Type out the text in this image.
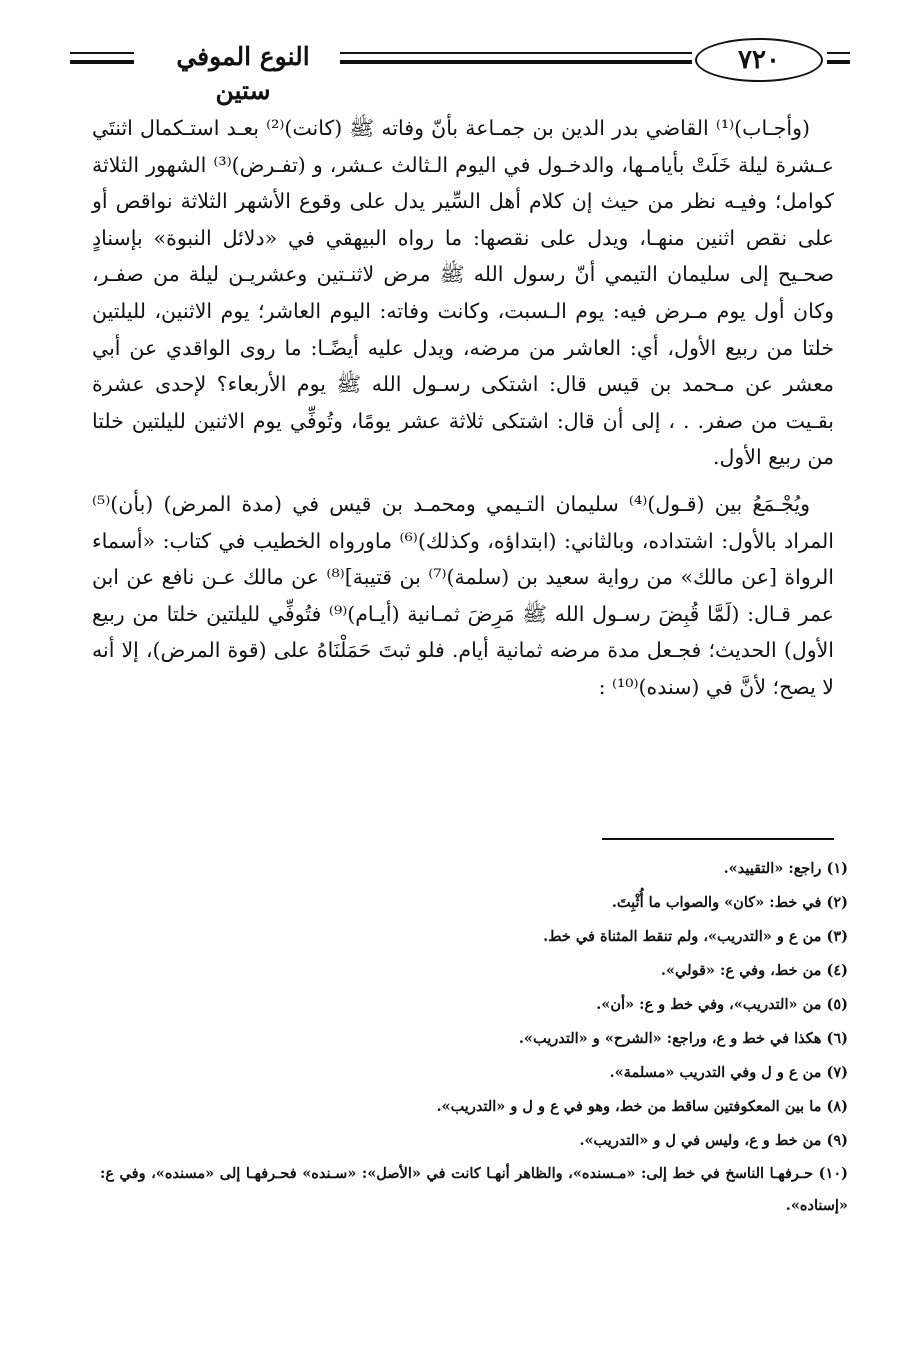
النوع الموفي ستين
٧٢٠

(وأجـاب)⁽¹⁾ القاضي بدر الدين بن جمـاعة بأنّ وفاته ﷺ (كانت)⁽²⁾ بعـد استـكمال اثنتَي عـشرة ليلة خَلَتْ بأيامـها، والدخـول في اليوم الـثالث عـشر، و (تفـرض)⁽³⁾ الشهور الثلاثة كوامل؛ وفيـه نظر من حيث إن كلام أهل السِّير يدل على وقوع الأشهر الثلاثة نواقص أو على نقص اثنين منهـا، ويدل على نقصها: ما رواه البيهقي في «دلائل النبوة» بإسنادٍ صحـيح إلى سليمان التيمي أنّ رسول الله ﷺ مرض لاثنـتين وعشريـن ليلة من صفـر، وكان أول يوم مـرض فيه: يوم الـسبت، وكانت وفاته: اليوم العاشر؛ يوم الاثنين، لليلتين خلتا من ربيع الأول، أي: العاشر من مرضه، ويدل عليه أيضًـا: ما روى الواقدي عن أبي معشر عن مـحمد بن قيس قال: اشتكى رسـول الله ﷺ يوم الأربعاء؟ لإحدى عشرة بقـيت من صفر. . ، إلى أن قال: اشتكى ثلاثة عشر يومًا، وتُوفِّي يوم الاثنين لليلتين خلتا من ربيع الأول.

ويُجْـمَعُ بين (قـول)⁽⁴⁾ سليمان التـيمي ومحمـد بن قيس في (مدة المرض) (بأن)⁽⁵⁾ المراد بالأول: اشتداده، وبالثاني: (ابتداؤه، وكذلك)⁽⁶⁾ ماورواه الخطيب في كتاب: «أسماء الرواة [عن مالك» من رواية سعيد بن (سلمة)⁽⁷⁾ بن قتيبة]⁽⁸⁾ عن مالك عـن نافع عن ابن عمر قـال: (لَمَّا قُبِضَ رسـول الله ﷺ مَرِضَ ثمـانية (أيـام)⁽⁹⁾ فتُوفِّي لليلتين خلتا من ربيع الأول) الحديث؛ فجـعل مدة مرضه ثمانية أيام. فلو ثبتَ حَمَلْنَاهُ على (قوة المرض)، إلا أنه لا يصح؛ لأنَّ في (سنده)⁽¹⁰⁾ :

(١) راجع: «التقييد».
(٢) في خط: «كان» والصواب ما أُثْبِتَ.
(٣) من ع و «التدريب»، ولم تنقط المثناة في خط.
(٤) من خط، وفي ع: «قولي».
(٥) من «التدريب»، وفي خط و ع: «أن».
(٦) هكذا في خط و ع، وراجع: «الشرح» و «التدريب».
(٧) من ع و ل وفي التدريب «مسلمة».
(٨) ما بين المعكوفتين ساقط من خط، وهو في ع و ل و «التدريب».
(٩) من خط و ع، وليس في ل و «التدريب».
(١٠) حـرفهـا الناسخ في خط إلى: «مـسنده»، والظاهر أنهـا كانت في «الأصل»: «سـنده» فحـرفهـا إلى «مسنده»، وفي ع: «إسناده».
